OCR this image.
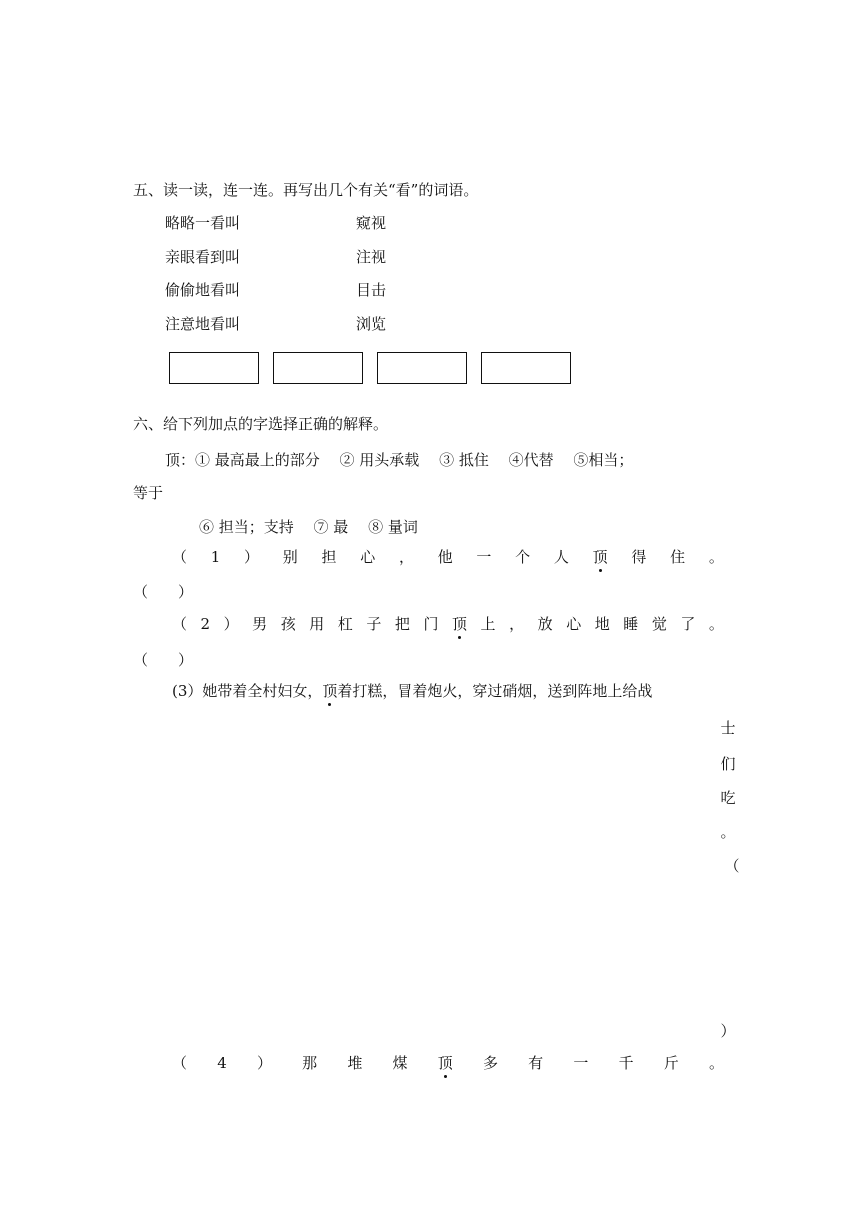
五、读一读，连一连。再写出几个有关“看”的词语。
略略一看叫
亲眼看到叫
偷偷地看叫
注意地看叫
窥视
注视
目击
浏览
六、给下列加点的字选择正确的解释。
顶：① 最高最上的部分　 ② 用头承载　 ③ 抵住　 ④代替　 ⑤相当；
等于
⑥ 担当；支持　 ⑦ 最　 ⑧ 量词
（ 1 ） 别 担 心 ， 他 一 个 人 顶 得 住 。
（　　）
（ 2 ） 男 孩 用 杠 子 把 门 顶 上 ， 放 心 地 睡 觉 了 。
（　　）
(3）她带着全村妇女，顶着打糕，冒着炮火，穿过硝烟，送到阵地上给战
士
们
吃
。
（
）
（ 4 ） 那 堆 煤 顶 多 有 一 千 斤 。
